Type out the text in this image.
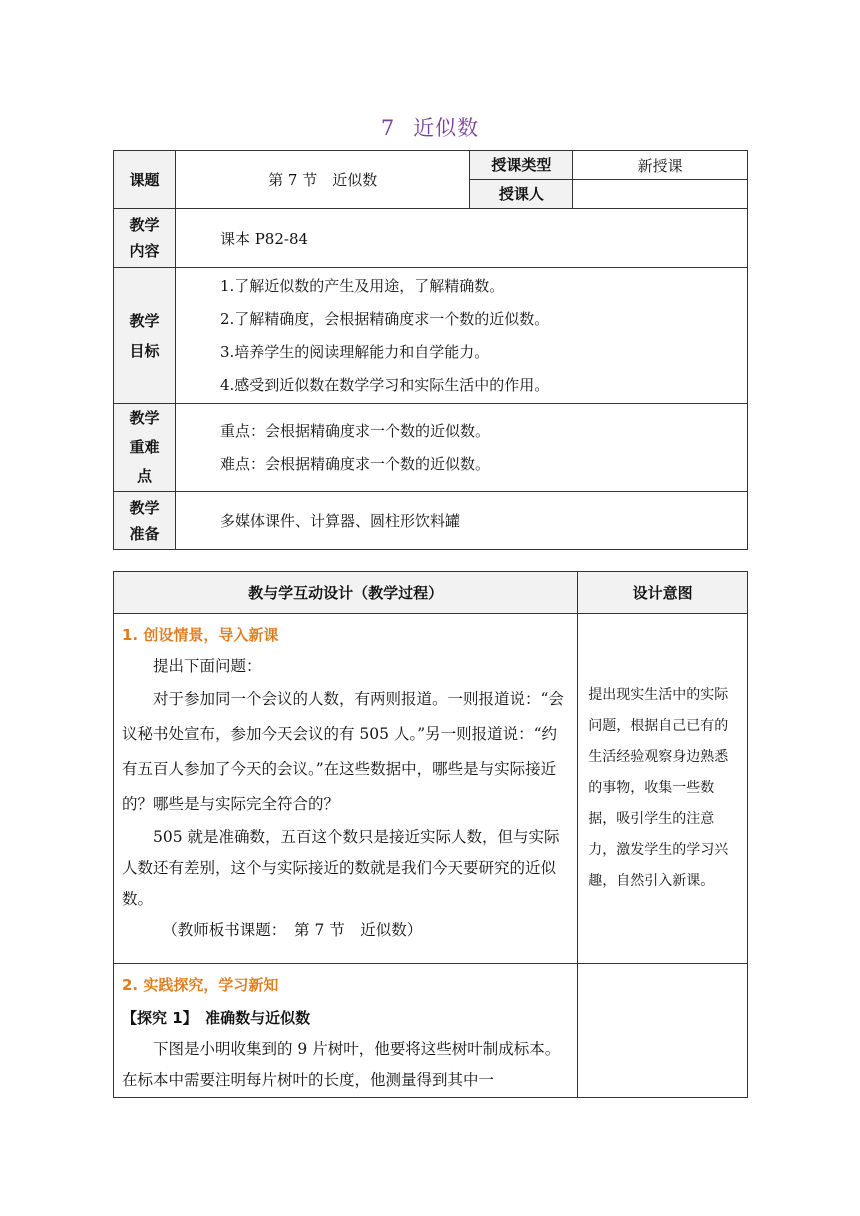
7 近似数
课题	第 7 节　近似数	授课类型	新授课
		授课人	
教学内容	课本 P82-84		
教学目标	1.了解近似数的产生及用途，了解精确数。
2.了解精确度，会根据精确度求一个数的近似数。
3.培养学生的阅读理解能力和自学能力。
4.感受到近似数在数学学习和实际生活中的作用。		

教学重难点	重点：会根据精确度求一个数的近似数。
难点：会根据精确度求一个数的近似数。		

教学准备	多媒体课件、计算器、圆柱形饮料罐		
教与学互动设计（教学过程）	设计意图

1. 创设情景，导入新课

提出下面问题：

对于参加同一个会议的人数，有两则报道。一则报道说：“会议秘书处宣布，参加今天会议的有 505 人。”另一则报道说：“约有五百人参加了今天的会议。”在这些数据中，哪些是与实际接近的？哪些是与实际完全符合的？

505 就是准确数，五百这个数只是接近实际人数，但与实际人数还有差别，这个与实际接近的数就是我们今天要研究的近似数。

（教师板书课题：　第 7 节　近似数）	提出现实生活中的实际问题，根据自己已有的生活经验观察身边熟悉的事物，收集一些数据，吸引学生的注意力，激发学生的学习兴趣，自然引入新课。

2. 实践探究，学习新知
【探究 1】　准确数与近似数

下图是小明收集到的 9 片树叶，他要将这些树叶制成标本。在标本中需要注明每片树叶的长度，他测量得到其中一	
